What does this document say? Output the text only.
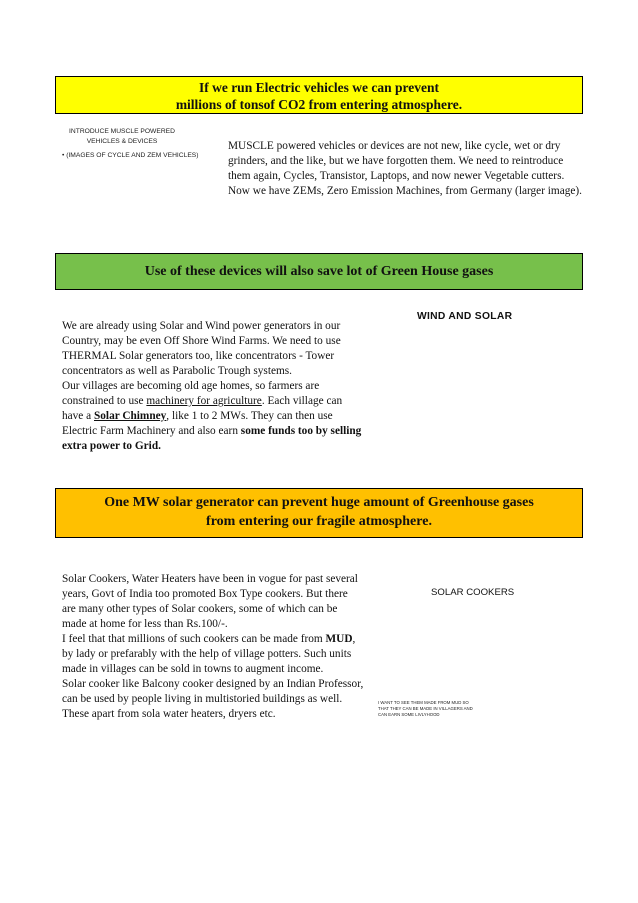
If we run Electric vehicles we can prevent
millions of tonsof CO2 from entering atmosphere.
INTRODUCE MUSCLE POWERED
VEHICLES & DEVICES
• (IMAGES OF CYCLE AND ZEM VEHICLES)
MUSCLE powered vehicles or devices are not new, like cycle, wet or dry grinders, and the like, but we have forgotten them. We need to reintroduce them again, Cycles, Transistor, Laptops, and now newer Vegetable cutters. Now we have ZEMs, Zero Emission Machines, from Germany (larger image).
Use of these devices will also save lot of Green House gases
WIND AND SOLAR
We are already using Solar and Wind power generators in our Country, may be even Off Shore Wind Farms. We need to use THERMAL Solar generators too, like concentrators - Tower concentrators as well as Parabolic Trough systems.
Our villages are becoming old age homes, so farmers are constrained to use machinery for agriculture. Each village can have a Solar Chimney, like 1 to 2 MWs. They can then use Electric Farm Machinery and also earn some funds too by selling extra power to Grid.
One MW solar generator can prevent huge amount of Greenhouse gases
from entering our fragile atmosphere.
SOLAR COOKERS
Solar Cookers, Water Heaters have been in vogue for past several years, Govt of India too promoted Box Type cookers. But there are many other types of Solar cookers, some of which can be made at home for less than Rs.100/-.
I feel that that millions of such cookers can be made from MUD, by lady or prefarably with the help of village potters. Such units made in villages can be sold in towns to augment income.
Solar cooker like Balcony cooker designed by an Indian Professor, can be used by people living in multistoried buildings as well.
These apart from sola water heaters, dryers etc.
I WANT TO SEE THEM MADE FROM MUD SO THAT THEY CAN BE MADE IN VILLAGERS AND CAN EARN SOME LIVLYHOOD
